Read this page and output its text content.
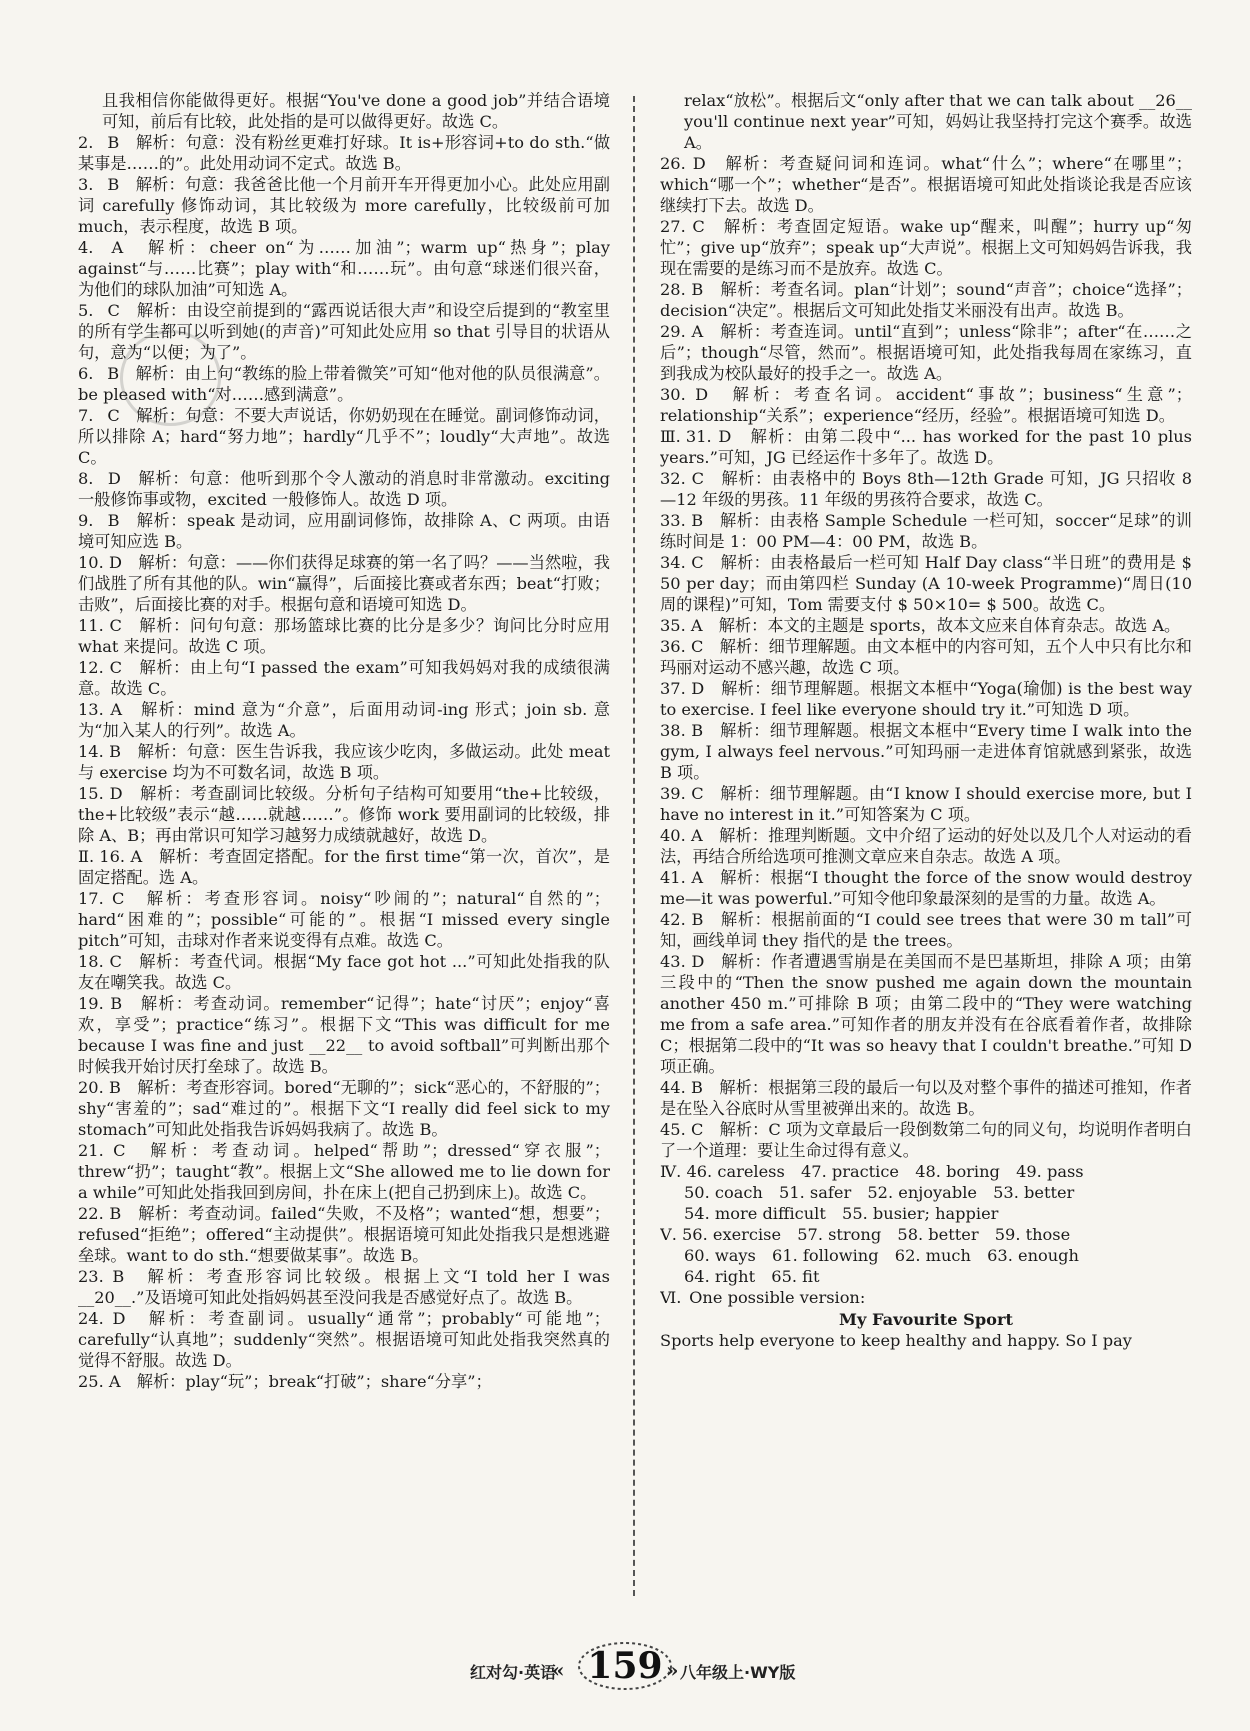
且我相信你能做得更好。根据“You've done a good job”并结合语境可知，前后有比较，此处指的是可以做得更好。故选 C。
2. B　解析：句意：没有粉丝更难打好球。It is+形容词+to do sth.“做某事是……的”。此处用动词不定式。故选 B。
3. B　解析：句意：我爸爸比他一个月前开车开得更加小心。此处应用副词 carefully 修饰动词，其比较级为 more carefully，比较级前可加 much，表示程度，故选 B 项。
4. A　解析：cheer on“为……加油”；warm up“热身”；play against“与……比赛”；play with“和……玩”。由句意“球迷们很兴奋，为他们的球队加油”可知选 A。
5. C　解析：由设空前提到的“露西说话很大声”和设空后提到的“教室里的所有学生都可以听到她(的声音)”可知此处应用 so that 引导目的状语从句，意为“以便；为了”。
6. B　解析：由上句“教练的脸上带着微笑”可知“他对他的队员很满意”。be pleased with“对……感到满意”。
7. C　解析：句意：不要大声说话，你奶奶现在在睡觉。副词修饰动词，所以排除 A；hard“努力地”；hardly“几乎不”；loudly“大声地”。故选 C。
8. D　解析：句意：他听到那个令人激动的消息时非常激动。exciting 一般修饰事或物，excited 一般修饰人。故选 D 项。
9. B　解析：speak 是动词，应用副词修饰，故排除 A、C 两项。由语境可知应选 B。
10. D　解析：句意：——你们获得足球赛的第一名了吗？——当然啦，我们战胜了所有其他的队。win“赢得”，后面接比赛或者东西；beat“打败；击败”，后面接比赛的对手。根据句意和语境可知选 D。
11. C　解析：问句句意：那场篮球比赛的比分是多少？询问比分时应用 what 来提问。故选 C 项。
12. C　解析：由上句“I passed the exam”可知我妈妈对我的成绩很满意。故选 C。
13. A　解析：mind 意为“介意”，后面用动词-ing 形式；join sb. 意为“加入某人的行列”。故选 A。
14. B　解析：句意：医生告诉我，我应该少吃肉，多做运动。此处 meat 与 exercise 均为不可数名词，故选 B 项。
15. D　解析：考查副词比较级。分析句子结构可知要用“the+比较级，the+比较级”表示“越……就越……”。修饰 work 要用副词的比较级，排除 A、B；再由常识可知学习越努力成绩就越好，故选 D。
Ⅱ. 16. A　解析：考查固定搭配。for the first time“第一次，首次”，是固定搭配。选 A。
17. C　解析：考查形容词。noisy“吵闹的”；natural“自然的”；hard“困难的”；possible“可能的”。根据“I missed every single pitch”可知，击球对作者来说变得有点难。故选 C。
18. C　解析：考查代词。根据“My face got hot ...”可知此处指我的队友在嘲笑我。故选 C。
19. B　解析：考查动词。remember“记得”；hate“讨厌”；enjoy“喜欢，享受”；practice“练习”。根据下文“This was difficult for me because I was fine and just __22__ to avoid softball”可判断出那个时候我开始讨厌打垒球了。故选 B。
20. B　解析：考查形容词。bored“无聊的”；sick“恶心的，不舒服的”；shy“害羞的”；sad“难过的”。根据下文“I really did feel sick to my stomach”可知此处指我告诉妈妈我病了。故选 B。
21. C　解析：考查动词。helped“帮助”；dressed“穿衣服”；threw“扔”；taught“教”。根据上文“She allowed me to lie down for a while”可知此处指我回到房间，扑在床上(把自己扔到床上)。故选 C。
22. B　解析：考查动词。failed“失败，不及格”；wanted“想，想要”；refused“拒绝”；offered“主动提供”。根据语境可知此处指我只是想逃避垒球。want to do sth.“想要做某事”。故选 B。
23. B　解析：考查形容词比较级。根据上文“I told her I was __20__.”及语境可知此处指妈妈甚至没问我是否感觉好点了。故选 B。
24. D　解析：考查副词。usually“通常”；probably“可能地”；carefully“认真地”；suddenly“突然”。根据语境可知此处指我突然真的觉得不舒服。故选 D。
25. A　解析：play“玩”；break“打破”；share“分享”；
relax“放松”。根据后文“only after that we can talk about __26__ you'll continue next year”可知，妈妈让我坚持打完这个赛季。故选 A。
26. D　解析：考查疑问词和连词。what“什么”；where“在哪里”；which“哪一个”；whether“是否”。根据语境可知此处指谈论我是否应该继续打下去。故选 D。
27. C　解析：考查固定短语。wake up“醒来，叫醒”；hurry up“匆忙”；give up“放弃”；speak up“大声说”。根据上文可知妈妈告诉我，我现在需要的是练习而不是放弃。故选 C。
28. B　解析：考查名词。plan“计划”；sound“声音”；choice“选择”；decision“决定”。根据后文可知此处指艾米丽没有出声。故选 B。
29. A　解析：考查连词。until“直到”；unless“除非”；after“在……之后”；though“尽管，然而”。根据语境可知，此处指我每周在家练习，直到我成为校队最好的投手之一。故选 A。
30. D　解析：考查名词。accident“事故”；business“生意”；relationship“关系”；experience“经历，经验”。根据语境可知选 D。
Ⅲ. 31. D　解析：由第二段中“... has worked for the past 10 plus years.”可知，JG 已经运作十多年了。故选 D。
32. C　解析：由表格中的 Boys 8th—12th Grade 可知，JG 只招收 8—12 年级的男孩。11 年级的男孩符合要求，故选 C。
33. B　解析：由表格 Sample Schedule 一栏可知，soccer“足球”的训练时间是 1：00 PM—4：00 PM，故选 B。
34. C　解析：由表格最后一栏可知 Half Day class“半日班”的费用是 $ 50 per day；而由第四栏 Sunday (A 10-week Programme)“周日(10 周的课程)”可知，Tom 需要支付 $ 50×10= $ 500。故选 C。
35. A　解析：本文的主题是 sports，故本文应来自体育杂志。故选 A。
36. C　解析：细节理解题。由文本框中的内容可知，五个人中只有比尔和玛丽对运动不感兴趣，故选 C 项。
37. D　解析：细节理解题。根据文本框中“Yoga(瑜伽) is the best way to exercise. I feel like everyone should try it.”可知选 D 项。
38. B　解析：细节理解题。根据文本框中“Every time I walk into the gym, I always feel nervous.”可知玛丽一走进体育馆就感到紧张，故选 B 项。
39. C　解析：细节理解题。由“I know I should exercise more, but I have no interest in it.”可知答案为 C 项。
40. A　解析：推理判断题。文中介绍了运动的好处以及几个人对运动的看法，再结合所给选项可推测文章应来自杂志。故选 A 项。
41. A　解析：根据“I thought the force of the snow would destroy me—it was powerful.”可知令他印象最深刻的是雪的力量。故选 A。
42. B　解析：根据前面的“I could see trees that were 30 m tall”可知，画线单词 they 指代的是 the trees。
43. D　解析：作者遭遇雪崩是在美国而不是巴基斯坦，排除 A 项；由第三段中的“Then the snow pushed me again down the mountain another 450 m.”可排除 B 项；由第二段中的“They were watching me from a safe area.”可知作者的朋友并没有在谷底看着作者，故排除 C；根据第二段中的“It was so heavy that I couldn't breathe.”可知 D 项正确。
44. B　解析：根据第三段的最后一句以及对整个事件的描述可推知，作者是在坠入谷底时从雪里被弹出来的。故选 B。
45. C　解析：C 项为文章最后一段倒数第二句的同义句，均说明作者明白了一个道理：要让生命过得有意义。
Ⅳ. 46. careless　47. practice　48. boring　49. pass
50. coach　51. safer　52. enjoyable　53. better
54. more difficult　55. busier; happier
Ⅴ. 56. exercise　57. strong　58. better　59. those
60. ways　61. following　62. much　63. enough
64. right　65. fit
Ⅵ. One possible version:
My Favourite Sport
Sports help everyone to keep healthy and happy. So I pay
红对勾·英语
« 159 » 八年级上·WY版
